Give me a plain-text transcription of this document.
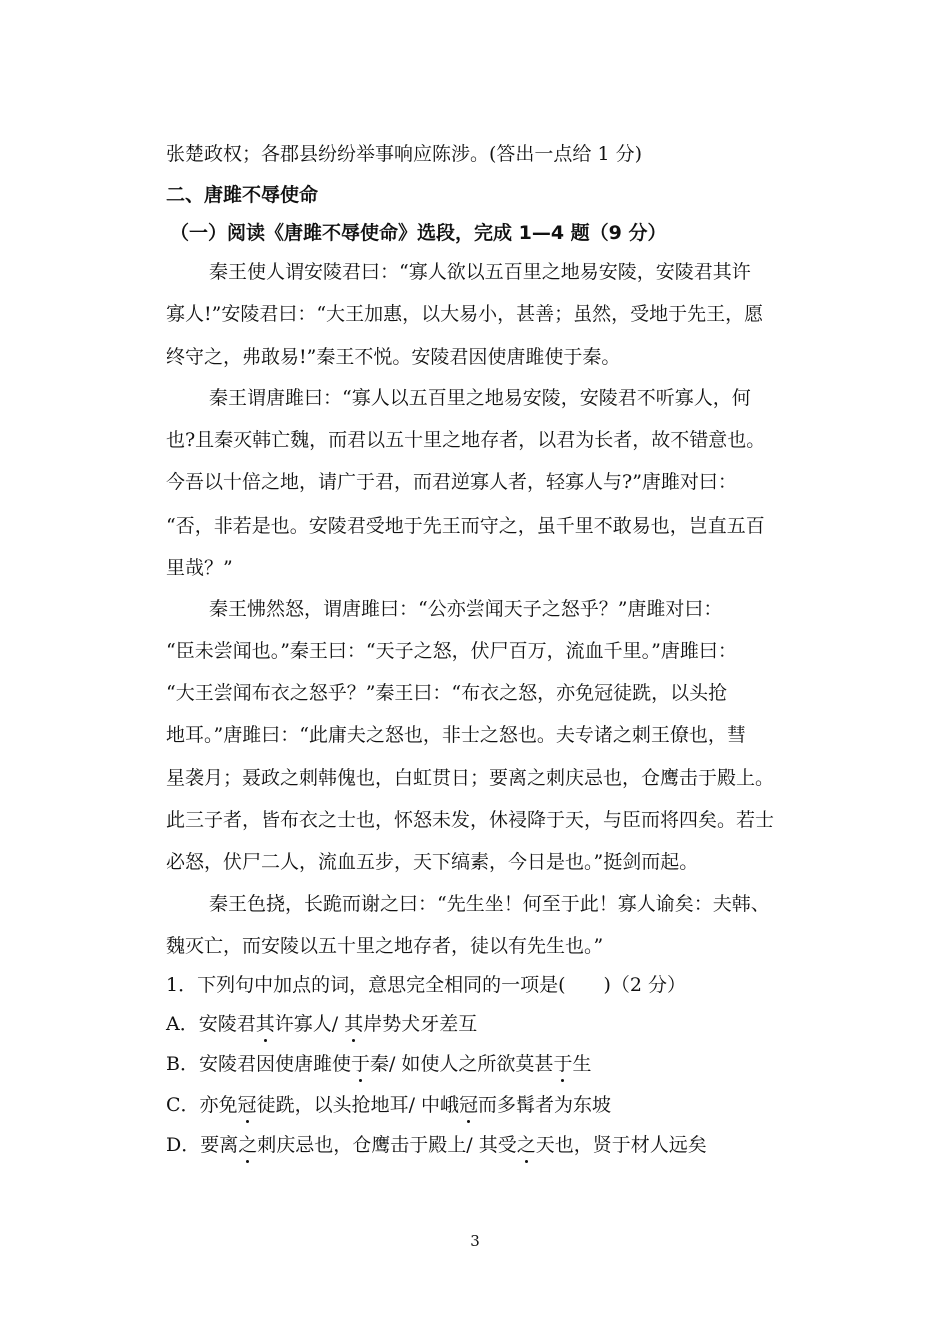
张楚政权；各郡县纷纷举事响应陈涉。(答出一点给 1 分)
二、唐雎不辱使命
（一）阅读《唐雎不辱使命》选段，完成 1—4 题（9 分）
秦王使人谓安陵君曰：“寡人欲以五百里之地易安陵，安陵君其许
寡人!”安陵君曰：“大王加惠，以大易小，甚善；虽然，受地于先王，愿
终守之，弗敢易!”秦王不悦。安陵君因使唐雎使于秦。
秦王谓唐雎曰：“寡人以五百里之地易安陵，安陵君不听寡人，何
也?且秦灭韩亡魏，而君以五十里之地存者，以君为长者，故不错意也。
今吾以十倍之地，请广于君，而君逆寡人者，轻寡人与?”唐雎对曰：
“否，非若是也。安陵君受地于先王而守之，虽千里不敢易也，岂直五百
里哉？”
秦王怫然怒，谓唐雎曰：“公亦尝闻天子之怒乎？”唐雎对曰：
“臣未尝闻也。”秦王曰：“天子之怒，伏尸百万，流血千里。”唐雎曰：
“大王尝闻布衣之怒乎？”秦王曰：“布衣之怒，亦免冠徒跣，以头抢
地耳。”唐雎曰：“此庸夫之怒也，非士之怒也。夫专诸之刺王僚也，彗
星袭月；聂政之刺韩傀也，白虹贯日；要离之刺庆忌也，仓鹰击于殿上。
此三子者，皆布衣之士也，怀怒未发，休祲降于天，与臣而将四矣。若士
必怒，伏尸二人，流血五步，天下缟素，今日是也。”挺剑而起。
秦王色挠，长跪而谢之曰：“先生坐！何至于此！寡人谕矣：夫韩、
魏灭亡，而安陵以五十里之地存者，徒以有先生也。”
1．下列句中加点的词，意思完全相同的一项是(　　)（2 分）
A．安陵君其许寡人/ 其岸势犬牙差互
B．安陵君因使唐雎使于秦/ 如使人之所欲莫甚于生
C．亦免冠徒跣，以头抢地耳/ 中峨冠而多髯者为东坡
D．要离之刺庆忌也，仓鹰击于殿上/ 其受之天也，贤于材人远矣
3
